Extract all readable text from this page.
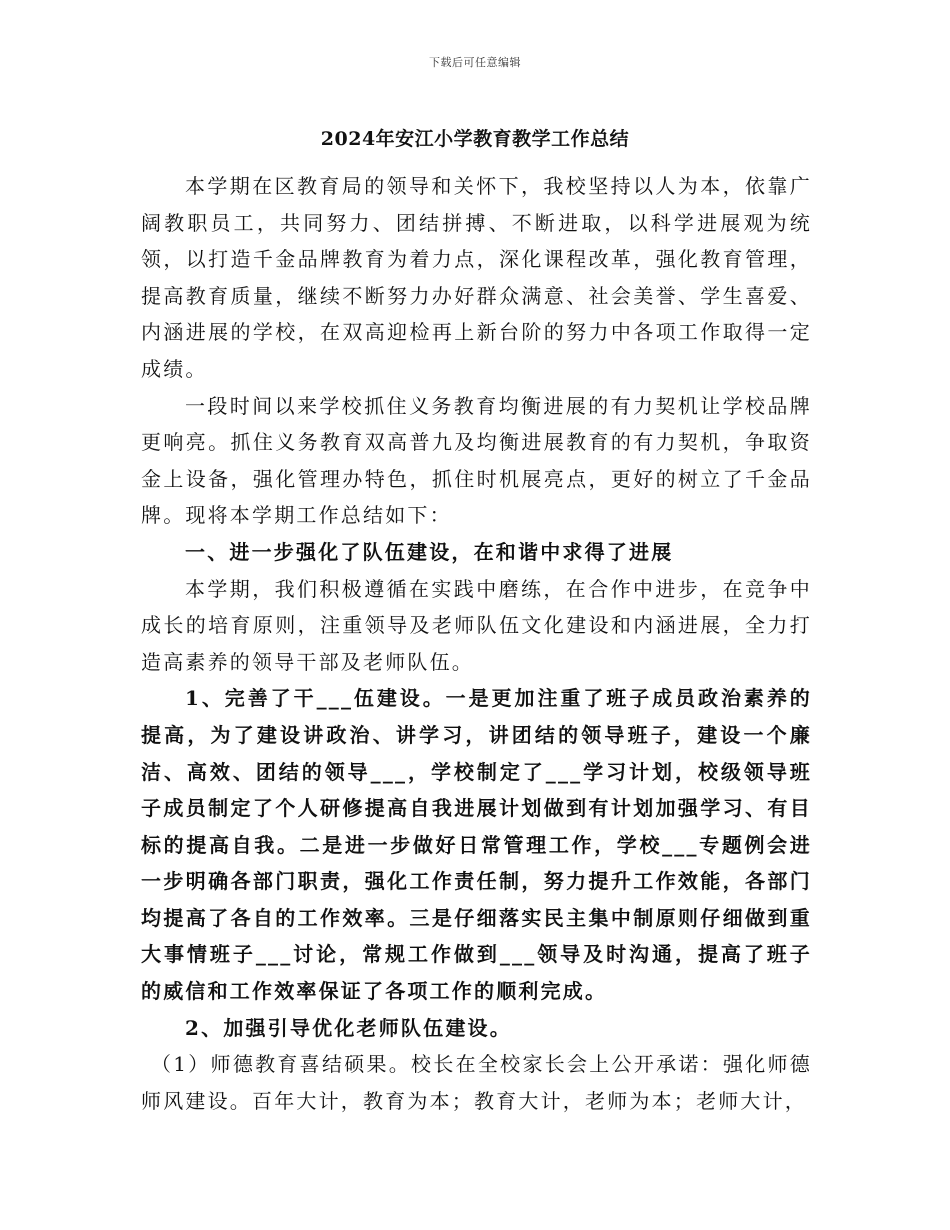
下载后可任意编辑
2024年安江小学教育教学工作总结

本学期在区教育局的领导和关怀下，我校坚持以人为本，依靠广阔教职员工，共同努力、团结拼搏、不断进取，以科学进展观为统领，以打造千金品牌教育为着力点，深化课程改革，强化教育管理，提高教育质量，继续不断努力办好群众满意、社会美誉、学生喜爱、内涵进展的学校，在双高迎检再上新台阶的努力中各项工作取得一定成绩。

一段时间以来学校抓住义务教育均衡进展的有力契机让学校品牌更响亮。抓住义务教育双高普九及均衡进展教育的有力契机，争取资金上设备，强化管理办特色，抓住时机展亮点，更好的树立了千金品牌。现将本学期工作总结如下：

一、进一步强化了队伍建设，在和谐中求得了进展

本学期，我们积极遵循在实践中磨练，在合作中进步，在竞争中成长的培育原则，注重领导及老师队伍文化建设和内涵进展，全力打造高素养的领导干部及老师队伍。

1、完善了干___伍建设。一是更加注重了班子成员政治素养的提高，为了建设讲政治、讲学习，讲团结的领导班子，建设一个廉洁、高效、团结的领导___，学校制定了___学习计划，校级领导班子成员制定了个人研修提高自我进展计划做到有计划加强学习、有目标的提高自我。二是进一步做好日常管理工作，学校___专题例会进一步明确各部门职责，强化工作责任制，努力提升工作效能，各部门均提高了各自的工作效率。三是仔细落实民主集中制原则仔细做到重大事情班子___讨论，常规工作做到___领导及时沟通，提高了班子的威信和工作效率保证了各项工作的顺利完成。

2、加强引导优化老师队伍建设。

（1）师德教育喜结硕果。校长在全校家长会上公开承诺：强化师德师风建设。百年大计，教育为本；教育大计，老师为本；老师大计，
